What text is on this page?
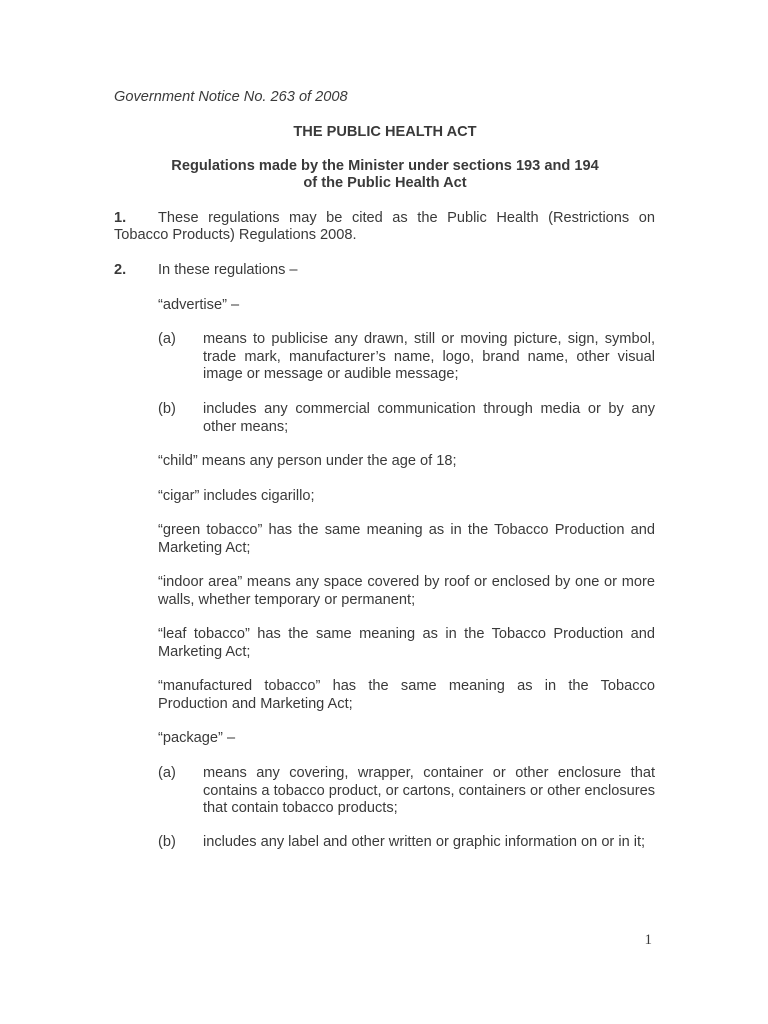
Government Notice No. 263 of 2008
THE PUBLIC HEALTH ACT
Regulations made by the Minister under sections 193 and 194
of the Public Health Act
1. These regulations may be cited as the Public Health (Restrictions on
Tobacco Products) Regulations 2008.
2. In these regulations –
“advertise” –
(a) means to publicise any drawn, still or moving picture, sign, symbol, trade mark, manufacturer’s name, logo, brand name, other visual image or message or audible message;
(b) includes any commercial communication through media or by any other means;
“child” means any person under the age of 18;
“cigar” includes cigarillo;
“green tobacco” has the same meaning as in the Tobacco Production and Marketing Act;
“indoor area” means any space covered by roof or enclosed by one or more walls, whether temporary or permanent;
“leaf tobacco” has the same meaning as in the Tobacco Production and Marketing Act;
“manufactured tobacco” has the same meaning as in the Tobacco Production and Marketing Act;
“package” –
(a) means any covering, wrapper, container or other enclosure that contains a tobacco product, or cartons, containers or other enclosures that contain tobacco products;
(b) includes any label and other written or graphic information on or in it;
1
